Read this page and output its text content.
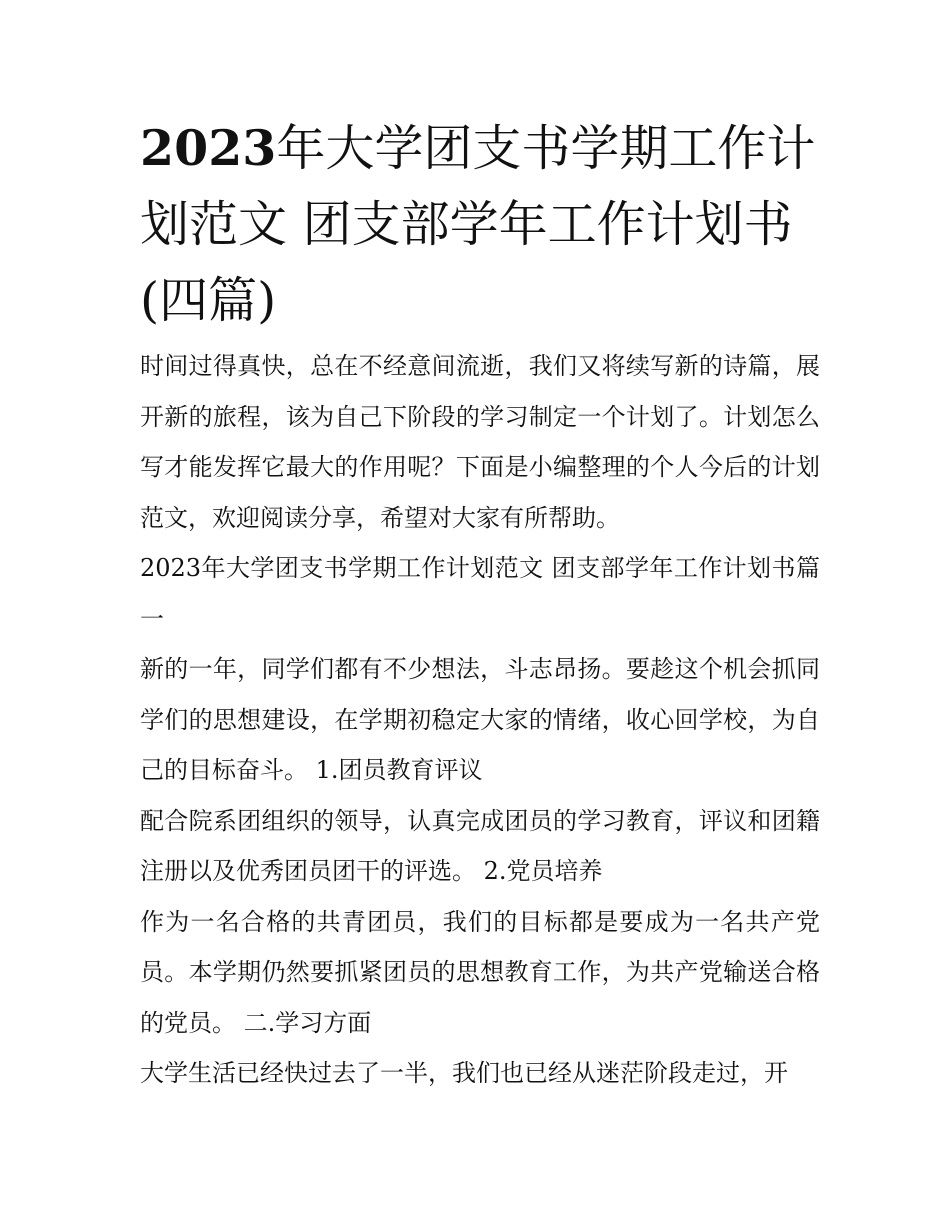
2023年大学团支书学期工作计划范文 团支部学年工作计划书(四篇)

时间过得真快，总在不经意间流逝，我们又将续写新的诗篇，展开新的旅程，该为自己下阶段的学习制定一个计划了。计划怎么写才能发挥它最大的作用呢？下面是小编整理的个人今后的计划范文，欢迎阅读分享，希望对大家有所帮助。

2023年大学团支书学期工作计划范文 团支部学年工作计划书篇一

新的一年，同学们都有不少想法，斗志昂扬。要趁这个机会抓同学们的思想建设，在学期初稳定大家的情绪，收心回学校，为自己的目标奋斗。 1.团员教育评议

配合院系团组织的领导，认真完成团员的学习教育，评议和团籍注册以及优秀团员团干的评选。 2.党员培养

作为一名合格的共青团员，我们的目标都是要成为一名共产党员。本学期仍然要抓紧团员的思想教育工作，为共产党输送合格的党员。 二.学习方面

大学生活已经快过去了一半，我们也已经从迷茫阶段走过，开
